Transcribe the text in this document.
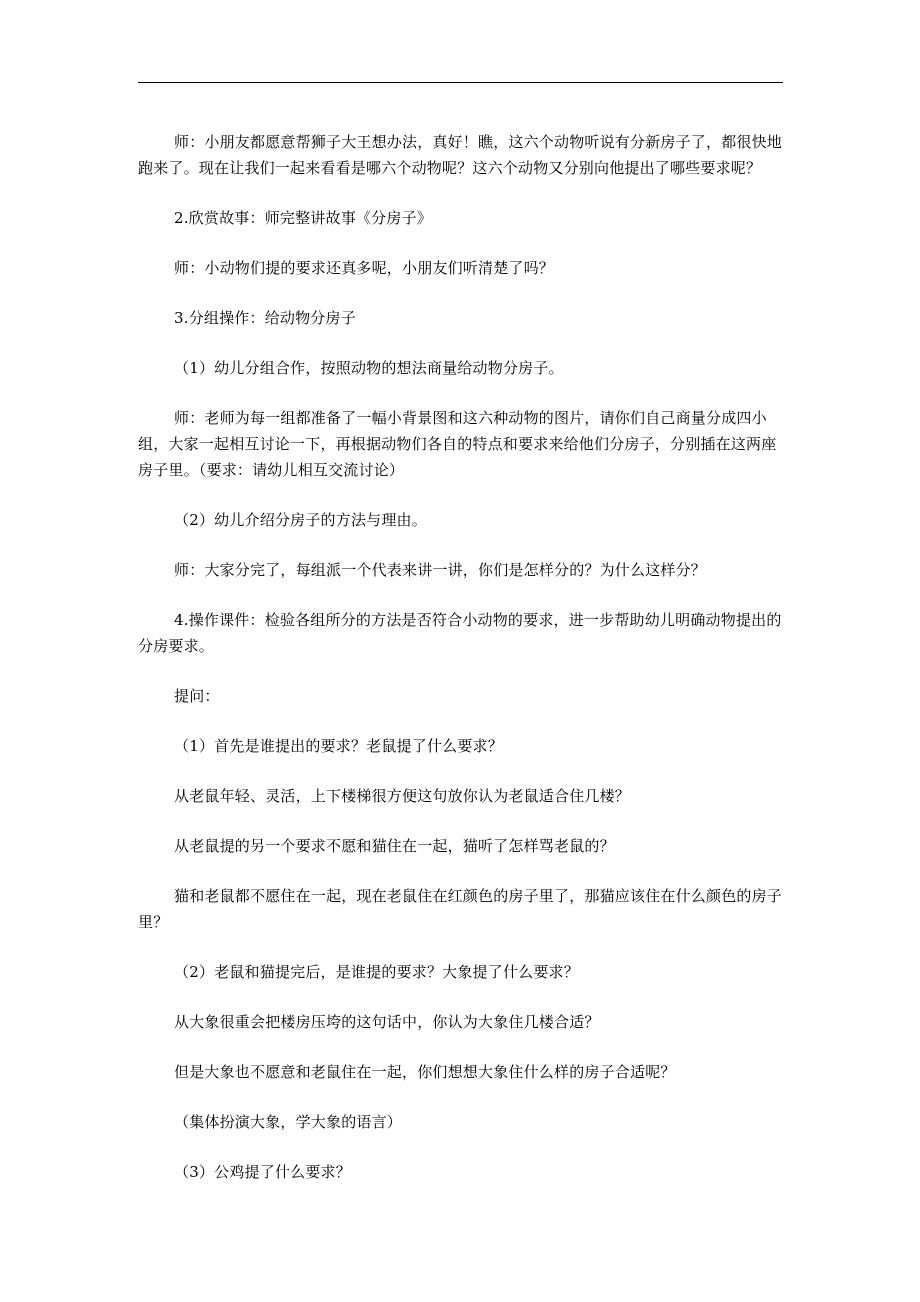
师：小朋友都愿意帮狮子大王想办法，真好！瞧，这六个动物听说有分新房子了，都很快地跑来了。现在让我们一起来看看是哪六个动物呢？这六个动物又分别向他提出了哪些要求呢？

2.欣赏故事：师完整讲故事《分房子》

师：小动物们提的要求还真多呢，小朋友们听清楚了吗？

3.分组操作：给动物分房子

（1）幼儿分组合作，按照动物的想法商量给动物分房子。

师：老师为每一组都准备了一幅小背景图和这六种动物的图片，请你们自己商量分成四小组，大家一起相互讨论一下，再根据动物们各自的特点和要求来给他们分房子，分别插在这两座房子里。（要求：请幼儿相互交流讨论）

（2）幼儿介绍分房子的方法与理由。

师：大家分完了，每组派一个代表来讲一讲，你们是怎样分的？为什么这样分？

4.操作课件：检验各组所分的方法是否符合小动物的要求，进一步帮助幼儿明确动物提出的分房要求。

提问：

（1）首先是谁提出的要求？老鼠提了什么要求？

从老鼠年轻、灵活，上下楼梯很方便这句放你认为老鼠适合住几楼？

从老鼠提的另一个要求不愿和猫住在一起，猫听了怎样骂老鼠的？

猫和老鼠都不愿住在一起，现在老鼠住在红颜色的房子里了，那猫应该住在什么颜色的房子里？

（2）老鼠和猫提完后，是谁提的要求？大象提了什么要求？

从大象很重会把楼房压垮的这句话中，你认为大象住几楼合适？

但是大象也不愿意和老鼠住在一起，你们想想大象住什么样的房子合适呢？

（集体扮演大象，学大象的语言）

（3）公鸡提了什么要求？
